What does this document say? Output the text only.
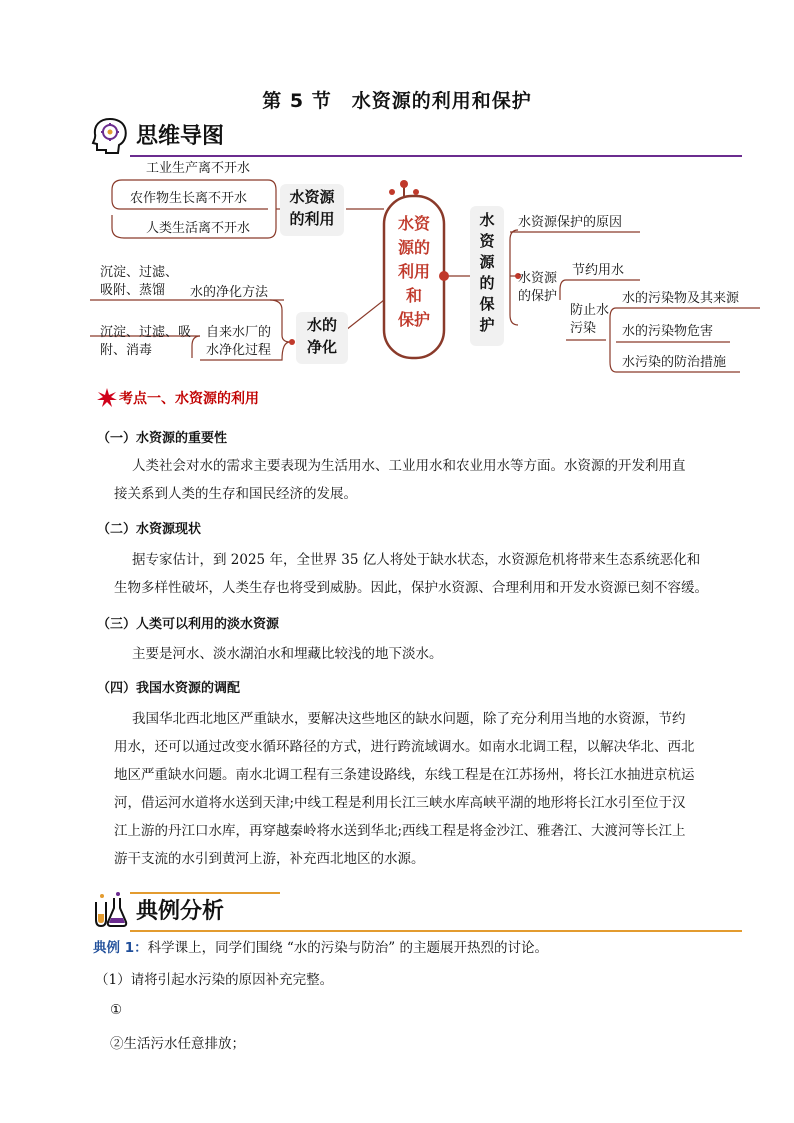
第 5 节　水资源的利用和保护
思维导图
工业生产离不开水
农作物生长离不开水
人类生活离不开水
水资源
的利用
沉淀、过滤、
吸附、蒸馏	水的净化方法
沉淀、过滤、吸
附、消毒
自来水厂的
水净化过程
水的
净化
水资
源的
利用
和
保护
水
资
源
的
保
护
水资源保护的原因
水资源
的保护
节约用水
防止水
污染
水的污染物及其来源
水的污染物危害
水污染的防治措施
考点一、水资源的利用
（一）水资源的重要性
人类社会对水的需求主要表现为生活用水、工业用水和农业用水等方面。水资源的开发利用直
接关系到人类的生存和国民经济的发展。
（二）水资源现状
据专家估计，到 2025 年，全世界 35 亿人将处于缺水状态，水资源危机将带来生态系统恶化和
生物多样性破坏，人类生存也将受到威胁。因此，保护水资源、合理利用和开发水资源已刻不容缓。
（三）人类可以利用的淡水资源
主要是河水、淡水湖泊水和埋藏比较浅的地下淡水。
（四）我国水资源的调配
我国华北西北地区严重缺水，要解决这些地区的缺水问题，除了充分利用当地的水资源，节约
用水，还可以通过改变水循环路径的方式，进行跨流域调水。如南水北调工程，以解决华北、西北
地区严重缺水问题。南水北调工程有三条建设路线，东线工程是在江苏扬州，将长江水抽进京杭运
河，借运河水道将水送到天津;中线工程是利用长江三峡水库高峡平湖的地形将长江水引至位于汉
江上游的丹江口水库，再穿越秦岭将水送到华北;西线工程是将金沙江、雅砻江、大渡河等长江上
游干支流的水引到黄河上游，补充西北地区的水源。
典例分析
典例 1：科学课上，同学们围绕 “水的污染与防治” 的主题展开热烈的讨论。
（1）请将引起水污染的原因补充完整。
①
②生活污水任意排放；
